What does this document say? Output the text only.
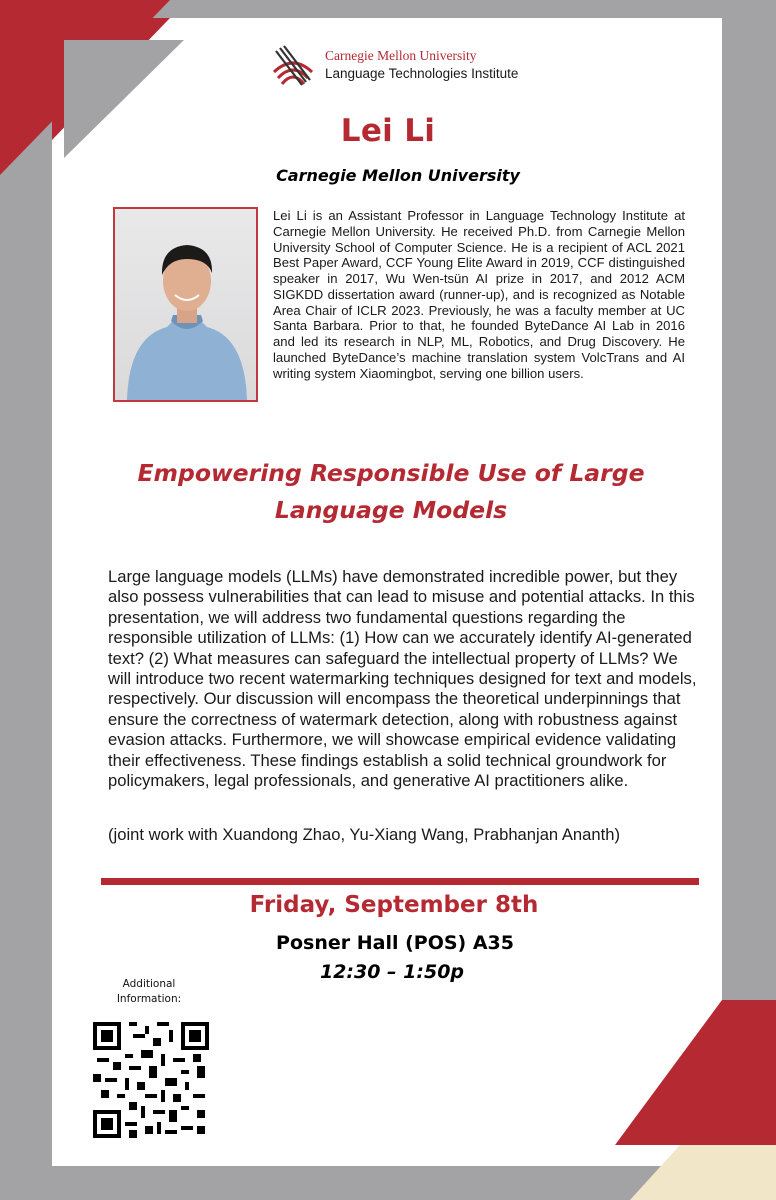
Carnegie Mellon University
Language Technologies Institute
Lei Li
Carnegie Mellon University

Lei Li is an Assistant Professor in Language Technology Institute at Carnegie Mellon University. He received Ph.D. from Carnegie Mellon University School of Computer Science. He is a recipient of ACL 2021 Best Paper Award, CCF Young Elite Award in 2019, CCF distinguished speaker in 2017, Wu Wen-tsün AI prize in 2017, and 2012 ACM SIGKDD dissertation award (runner-up), and is recognized as Notable Area Chair of ICLR 2023. Previously, he was a faculty member at UC Santa Barbara. Prior to that, he founded ByteDance AI Lab in 2016 and led its research in NLP, ML, Robotics, and Drug Discovery. He launched ByteDance’s machine translation system VolcTrans and AI writing system Xiaomingbot, serving one billion users.

Empowering Responsible Use of Large Language Models

Large language models (LLMs) have demonstrated incredible power, but they also possess vulnerabilities that can lead to misuse and potential attacks. In this presentation, we will address two fundamental questions regarding the responsible utilization of LLMs: (1) How can we accurately identify AI-generated text? (2) What measures can safeguard the intellectual property of LLMs? We will introduce two recent watermarking techniques designed for text and models, respectively. Our discussion will encompass the theoretical underpinnings that ensure the correctness of watermark detection, along with robustness against evasion attacks. Furthermore, we will showcase empirical evidence validating their effectiveness. These findings establish a solid technical groundwork for policymakers, legal professionals, and generative AI practitioners alike.

(joint work with Xuandong Zhao, Yu-Xiang Wang, Prabhanjan Ananth)
Friday, September 8th
Posner Hall (POS) A35
12:30 – 1:50p
Additional Information:
